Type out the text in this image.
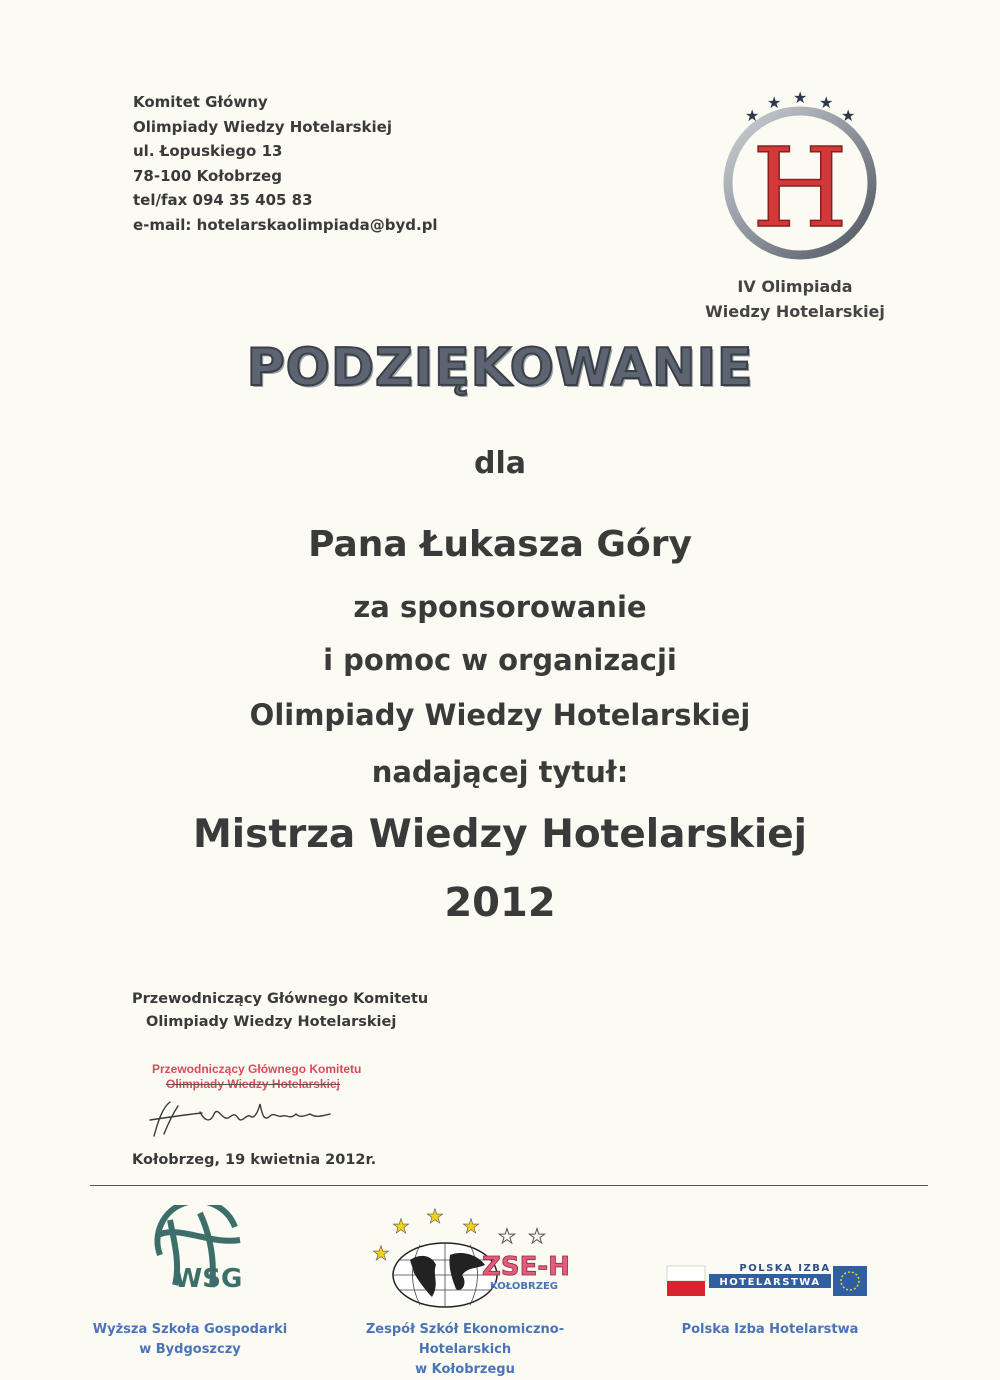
Komitet Główny
Olimpiady Wiedzy Hotelarskiej
ul. Łopuskiego 13
78-100 Kołobrzeg
tel/fax 094 35 405 83
e-mail: hotelarskaolimpiada@byd.pl
★
★ ★ ★
★
H
IV Olimpiada
Wiedzy Hotelarskiej
PODZIĘKOWANIE
dla
Pana Łukasza Góry
za sponsorowanie
i pomoc w organizacji
Olimpiady Wiedzy Hotelarskiej
nadającej tytuł:
Mistrza Wiedzy Hotelarskiej
2012
Przewodniczący Głównego Komitetu
Olimpiady Wiedzy Hotelarskiej
Przewodniczący Głównego Komitetu
Olimpiady Wiedzy Hotelarskiej
Kołobrzeg, 19 kwietnia 2012r.
WSG
★
★ ★ ★ ★ ★
ZSE-H
KOŁOBRZEG
POLSKA IZBA
HOTELARSTWA
Wyższa Szkoła Gospodarki
w Bydgoszczy
Zespół Szkół Ekonomiczno-Hotelarskich
w Kołobrzegu
Polska Izba Hotelarstwa
